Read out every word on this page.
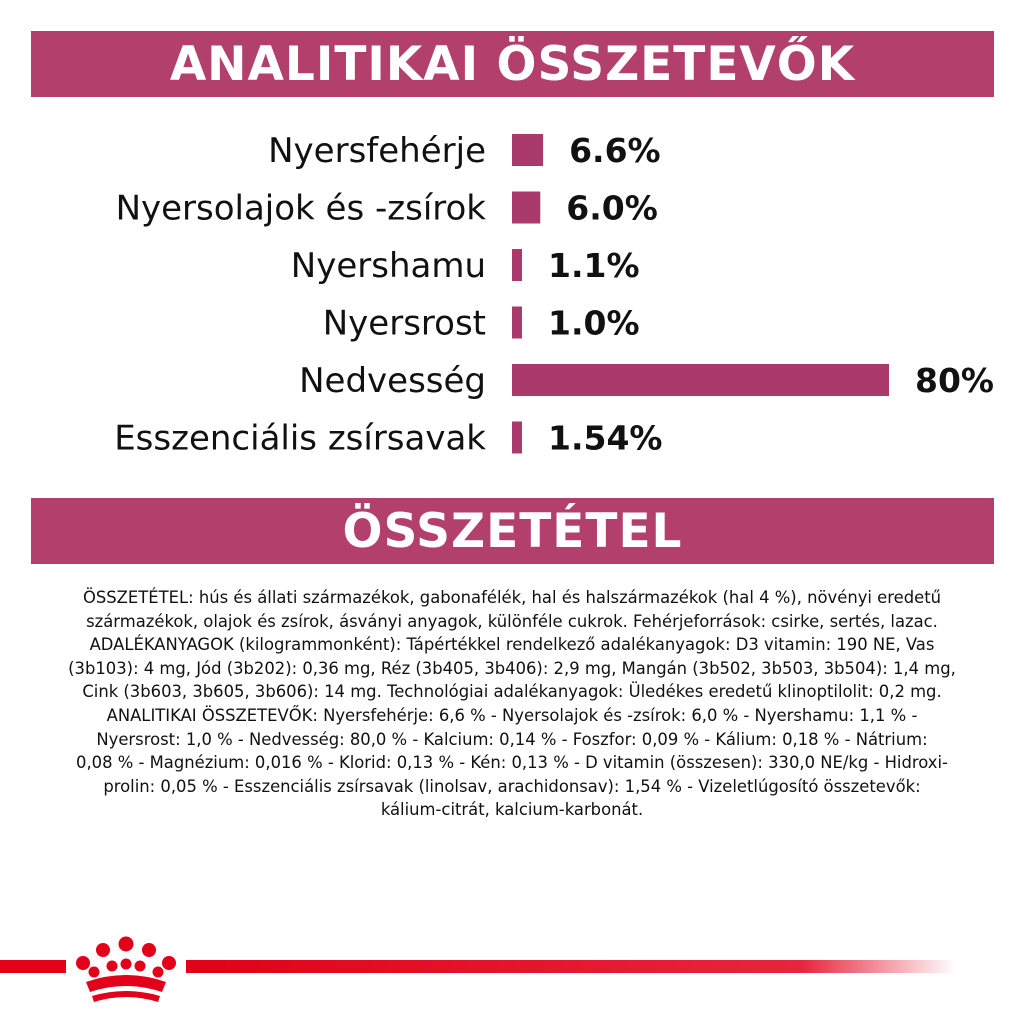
ANALITIKAI ÖSSZETEVŐK
Nyersfehérje	6.6%
Nyersolajok és -zsírok 6.0%
Nyershamu 1.1%
Nyersrost 1.0%
Nedvesség	80%
Esszenciális zsírsavak 1.54%
ÖSSZETÉTEL
ÖSSZETÉTEL: hús és állati származékok, gabonafélék, hal és halszármazékok (hal 4 %), növényi eredetű
származékok, olajok és zsírok, ásványi anyagok, különféle cukrok. Fehérjeforrások: csirke, sertés, lazac.
ADALÉKANYAGOK (kilogrammonként): Tápértékkel rendelkező adalékanyagok: D3 vitamin: 190 NE, Vas
(3b103): 4 mg, Jód (3b202): 0,36 mg, Réz (3b405, 3b406): 2,9 mg, Mangán (3b502, 3b503, 3b504): 1,4 mg,
Cink (3b603, 3b605, 3b606): 14 mg. Technológiai adalékanyagok: Üledékes eredetű klinoptilolit: 0,2 mg.
ANALITIKAI ÖSSZETEVŐK: Nyersfehérje: 6,6 % - Nyersolajok és -zsírok: 6,0 % - Nyershamu: 1,1 % -
Nyersrost: 1,0 % - Nedvesség: 80,0 % - Kalcium: 0,14 % - Foszfor: 0,09 % - Kálium: 0,18 % - Nátrium:
0,08 % - Magnézium: 0,016 % - Klorid: 0,13 % - Kén: 0,13 % - D vitamin (összesen): 330,0 NE/kg - Hidroxi-
prolin: 0,05 % - Esszenciális zsírsavak (linolsav, arachidonsav): 1,54 % - Vizeletlúgosító összetevők:
kálium-citrát, kalcium-karbonát.
